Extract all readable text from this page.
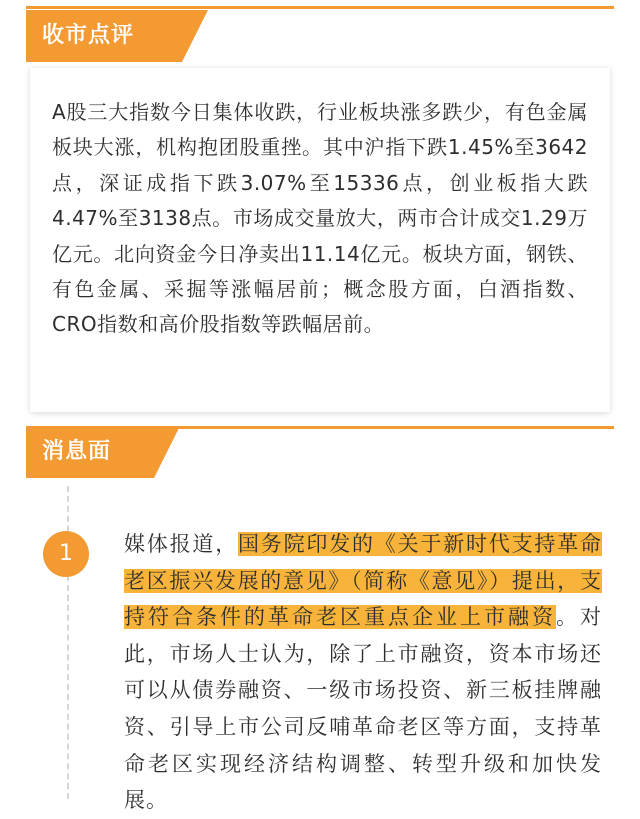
收市点评

A股三大指数今日集体收跌，行业板块涨多跌少，有色金属板块大涨，机构抱团股重挫。其中沪指下跌1.45%至3642点，深证成指下跌3.07%至15336点，创业板指大跌4.47%至3138点。市场成交量放大，两市合计成交1.29万亿元。北向资金今日净卖出11.14亿元。板块方面，钢铁、有色金属、采掘等涨幅居前；概念股方面，白酒指数、CRO指数和高价股指数等跌幅居前。

消息面
1	媒体报道，国务院印发的《关于新时代支持革命老区振兴发展的意见》（简称《意见》）提出，支持符合条件的革命老区重点企业上市融资。对此，市场人士认为，除了上市融资，资本市场还可以从债券融资、一级市场投资、新三板挂牌融资、引导上市公司反哺革命老区等方面，支持革命老区实现经济结构调整、转型升级和加快发展。
